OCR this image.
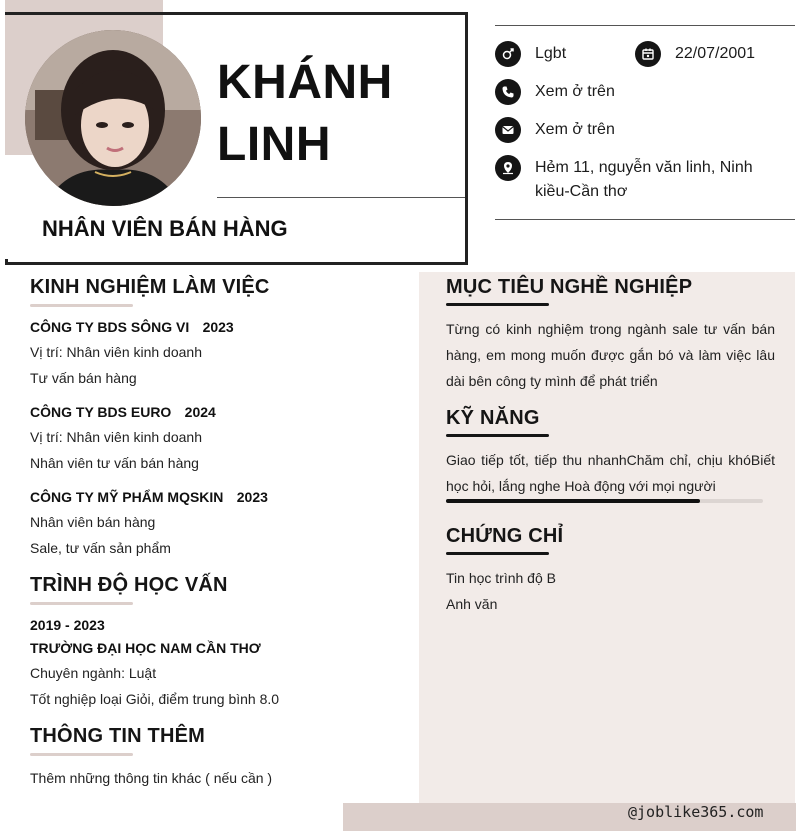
KHÁNH
LINH
NHÂN VIÊN BÁN HÀNG
Lgbt	22/07/2001
Xem ở trên
Xem ở trên
Hẻm 11, nguyễn văn linh, Ninh
kiều-Cần thơ
KINH NGHIỆM LÀM VIỆC
CÔNG TY BDS SÔNG VI 2023
Vị trí: Nhân viên kinh doanh
Tư vấn bán hàng
CÔNG TY BDS EURO 2024
Vị trí: Nhân viên kinh doanh
Nhân viên tư vấn bán hàng
CÔNG TY MỸ PHẨM MQSKIN 2023
Nhân viên bán hàng
Sale, tư vấn sản phẩm
TRÌNH ĐỘ HỌC VẤN
2019 - 2023
TRƯỜNG ĐẠI HỌC NAM CẦN THƠ
Chuyên ngành: Luật
Tốt nghiệp loại Giỏi, điểm trung bình 8.0
THÔNG TIN THÊM
Thêm những thông tin khác ( nếu cần )
MỤC TIÊU NGHỀ NGHIỆP
Từng có kinh nghiệm trong ngành sale tư vấn bán hàng, em mong muốn được gắn bó và làm việc lâu dài bên công ty mình để phát triển
KỸ NĂNG
Giao tiếp tốt, tiếp thu nhanhChăm chỉ, chịu khóBiết học hỏi, lắng nghe Hoà động với mọi người
CHỨNG CHỈ
Tin học trình độ B
Anh văn
@joblike365.com
